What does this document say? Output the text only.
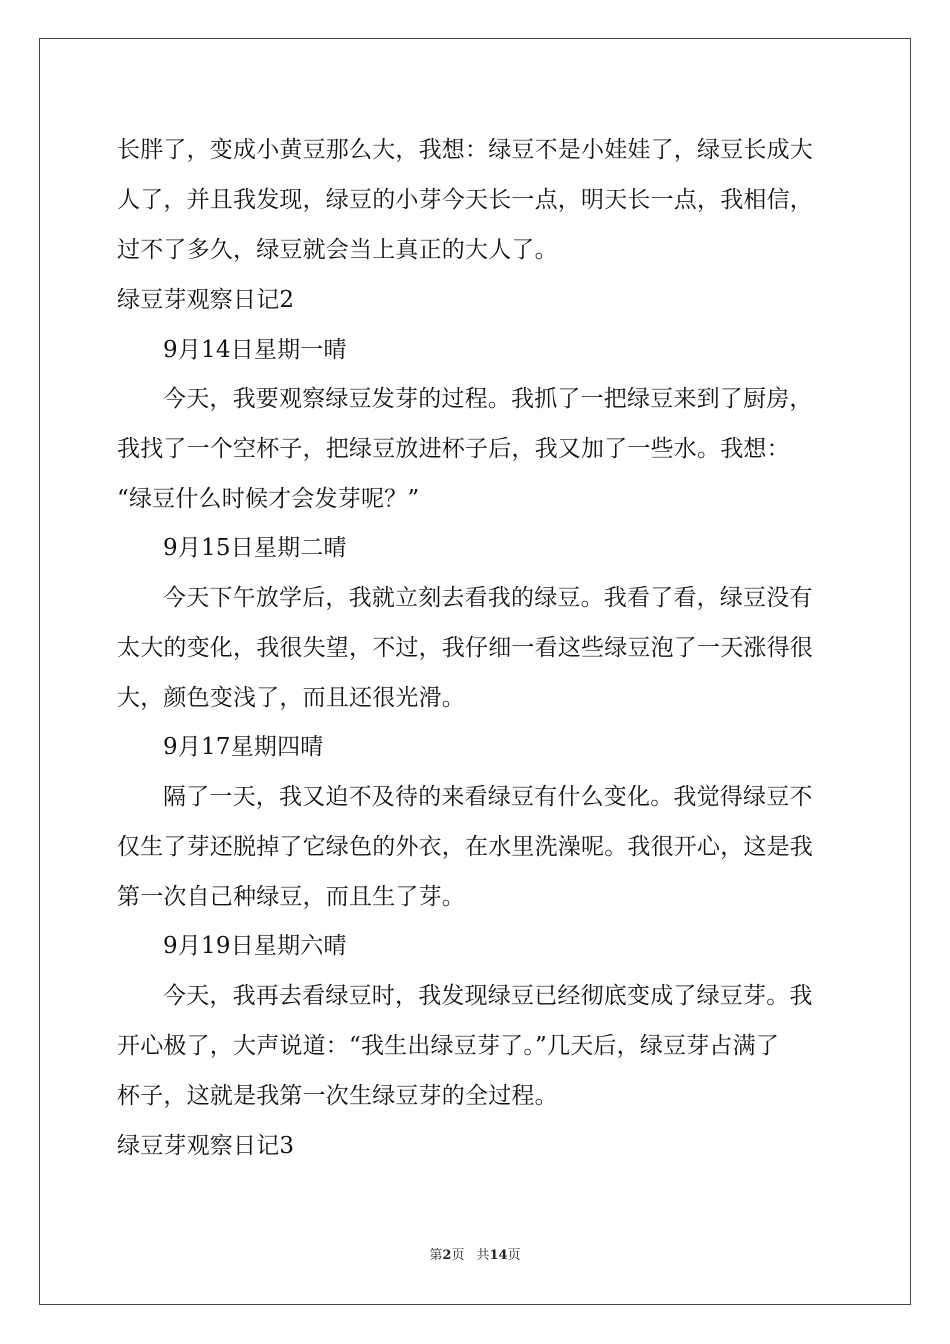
长胖了，变成小黄豆那么大，我想：绿豆不是小娃娃了，绿豆长成大

人了，并且我发现，绿豆的小芽今天长一点，明天长一点，我相信，

过不了多久，绿豆就会当上真正的大人了。

绿豆芽观察日记2

9月14日星期一晴

今天，我要观察绿豆发芽的过程。我抓了一把绿豆来到了厨房，

我找了一个空杯子，把绿豆放进杯子后，我又加了一些水。我想：

“绿豆什么时候才会发芽呢？”

9月15日星期二晴

今天下午放学后，我就立刻去看我的绿豆。我看了看，绿豆没有

太大的变化，我很失望，不过，我仔细一看这些绿豆泡了一天涨得很

大，颜色变浅了，而且还很光滑。

9月17星期四晴

隔了一天，我又迫不及待的来看绿豆有什么变化。我觉得绿豆不

仅生了芽还脱掉了它绿色的外衣，在水里洗澡呢。我很开心，这是我

第一次自己种绿豆，而且生了芽。

9月19日星期六晴

今天，我再去看绿豆时，我发现绿豆已经彻底变成了绿豆芽。我

开心极了，大声说道：“我生出绿豆芽了。”几天后，绿豆芽占满了

杯子，这就是我第一次生绿豆芽的全过程。

绿豆芽观察日记3

第2页 共14页
